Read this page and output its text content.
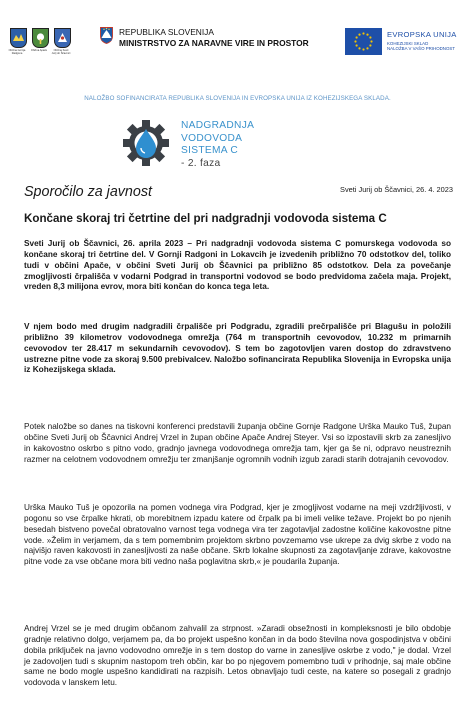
Občina Gornja Radgona
Občina Apače	Občina Sveti Jurij ob Ščavnici
REPUBLIKA SLOVENIJA
MINISTRSTVO ZA NARAVNE VIRE IN PROSTOR
EVROPSKA UNIJA
KOHEZIJSKI SKLAD
NALOŽBA V VAŠO PRIHODNOST
NALOŽBO SOFINANCIRATA REPUBLIKA SLOVENIJA IN EVROPSKA UNIJA IZ KOHEZIJSKEGA SKLADA.
NADGRADNJA
VODOVODA
SISTEMA C
- 2. faza
Sporočilo za javnost	Sveti Jurij ob Ščavnici, 26. 4. 2023
Končane skoraj tri četrtine del pri nadgradnji vodovoda sistema C
Sveti Jurij ob Ščavnici, 26. aprila 2023 – Pri nadgradnji vodovoda sistema C pomurskega vodovoda so končane skoraj tri četrtine del. V Gornji Radgoni in Lokavcih je izvedenih približno 70 odstotkov del, toliko tudi v občini Apače, v občini Sveti Jurij ob Ščavnici pa približno 85 odstotkov. Dela za povečanje zmogljivosti črpališča v vodarni Podgrad in transportni vodovod se bodo predvidoma začela maja. Projekt, vreden 8,3 milijona evrov, mora biti končan do konca tega leta.
V njem bodo med drugim nadgradili črpališče pri Podgradu, zgradili prečrpališče pri Blagušu in položili približno 39 kilometrov vodovodnega omrežja (764 m transportnih cevovodov, 10.232 m primarnih cevovodov ter 28.417 m sekundarnih cevovodov). S tem bo zagotovljen varen dostop do zdravstveno ustrezne pitne vode za skoraj 9.500 prebivalcev. Naložbo sofinancirata Republika Slovenija in Evropska unija iz Kohezijskega sklada.
Potek naložbe so danes na tiskovni konferenci predstavili županja občine Gornje Radgone Urška Mauko Tuš, župan občine Sveti Jurij ob Ščavnici Andrej Vrzel in župan občine Apače Andrej Steyer. Vsi so izpostavili skrb za zanesljivo in kakovostno oskrbo s pitno vodo, gradnjo javnega vodovodnega omrežja tam, kjer ga še ni, odpravo neustreznih razmer na celotnem vodovodnem omrežju ter zmanjšanje ogromnih vodnih izgub zaradi starih dotrajanih cevovodov.
Urška Mauko Tuš je opozorila na pomen vodnega vira Podgrad, kjer je zmogljivost vodarne na meji vzdržljivosti, v pogonu so vse črpalke hkrati, ob morebitnem izpadu katere od črpalk pa bi imeli velike težave. Projekt bo po njenih besedah bistveno povečal obratovalno varnost tega vodnega vira ter zagotavljal zadostne količine kakovostne pitne vode. »Želim in verjamem, da s tem pomembnim projektom skrbno povzemamo vse ukrepe za dvig skrbe z vodo na najvišjo raven kakovosti in zanesljivosti za naše občane. Skrb lokalne skupnosti za zagotavljanje zdrave, kakovostne pitne vode za vse občane mora biti vedno naša poglavitna skrb,« je poudarila županja.
Andrej Vrzel se je med drugim občanom zahvalil za strpnost. »Zaradi obsežnosti in kompleksnosti je bilo obdobje gradnje relativno dolgo, verjamem pa, da bo projekt uspešno končan in da bodo številna nova gospodinjstva v občini dobila priključek na javno vodovodno omrežje in s tem dostop do varne in zanesljive oskrbe z vodo," je dodal. Vrzel je zadovoljen tudi s skupnim nastopom treh občin, kar bo po njegovem pomembno tudi v prihodnje, saj male občine same ne bodo mogle uspešno kandidirati na razpisih. Letos obnavljajo tudi ceste, na katere so posegali z gradnjo vodovoda v lanskem letu.
